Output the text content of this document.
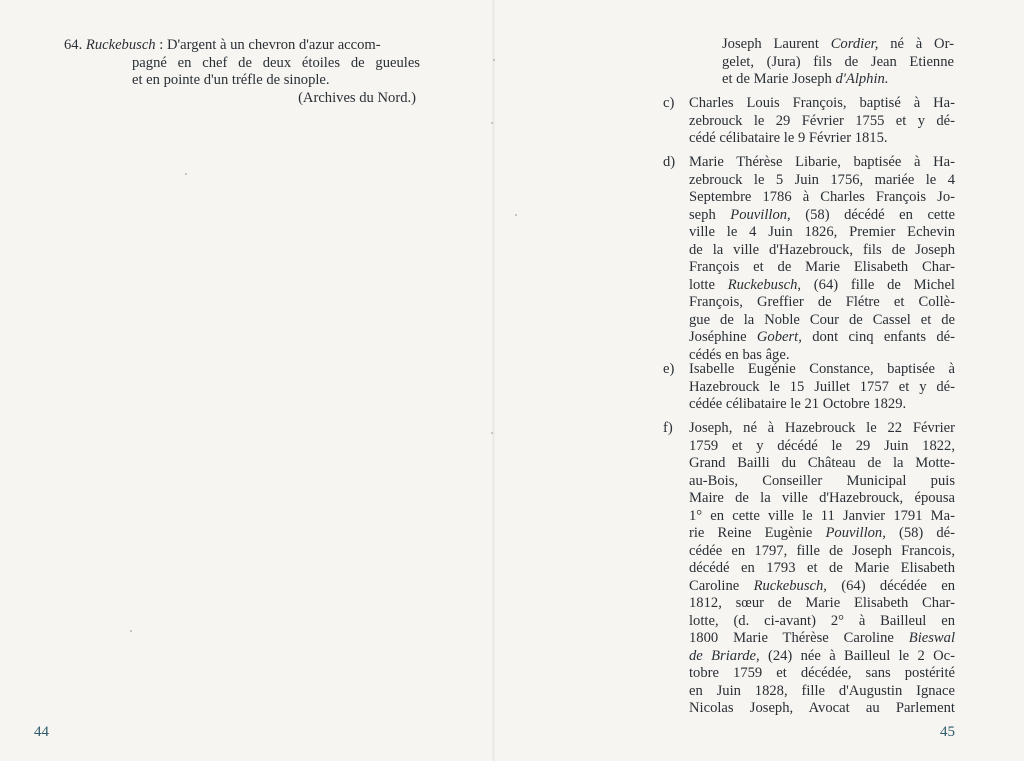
64. Ruckebusch : D'argent à un chevron d'azur accom-
pagné en chef de deux étoiles de gueules
et en pointe d'un tréfle de sinople.
(Archives du Nord.)
44
Joseph Laurent Cordier, né à Or-
gelet, (Jura) fils de Jean Etienne
et de Marie Joseph d'Alphin.
c)	Charles Louis François, baptisé à Ha-
zebrouck le 29 Février 1755 et y dé-
cédé célibataire le 9 Février 1815.
d) Marie Thérèse Libarie, baptisée à Ha-
zebrouck le 5 Juin 1756, mariée le 4
Septembre 1786 à Charles François Jo-
seph Pouvillon, (58) décédé en cette
ville le 4 Juin 1826, Premier Echevin
de la ville d'Hazebrouck, fils de Joseph
François et de Marie Elisabeth Char-
lotte Ruckebusch, (64) fille de Michel
François, Greffier de Flétre et Collè-
gue de la Noble Cour de Cassel et de
Joséphine Gobert, dont cinq enfants dé-
cédés en bas âge.
e)	Isabelle Eugénie Constance, baptisée à
Hazebrouck le 15 Juillet 1757 et y dé-
cédée célibataire le 21 Octobre 1829.
f)	Joseph, né à Hazebrouck le 22 Février
1759 et y décédé le 29 Juin 1822,
Grand Bailli du Château de la Motte-
au-Bois, Conseiller Municipal puis
Maire de la ville d'Hazebrouck, épousa
1° en cette ville le 11 Janvier 1791 Ma-
rie Reine Eugènie Pouvillon, (58) dé-
cédée en 1797, fille de Joseph Francois,
décédé en 1793 et de Marie Elisabeth
Caroline Ruckebusch, (64) décédée en
1812, sœur de Marie Elisabeth Char-
lotte, (d. ci-avant) 2° à Bailleul en
1800 Marie Thérèse Caroline Bieswal
de Briarde, (24) née à Bailleul le 2 Oc-
tobre 1759 et décédée, sans postérité
en Juin 1828, fille d'Augustin Ignace
Nicolas Joseph, Avocat au Parlement
45
